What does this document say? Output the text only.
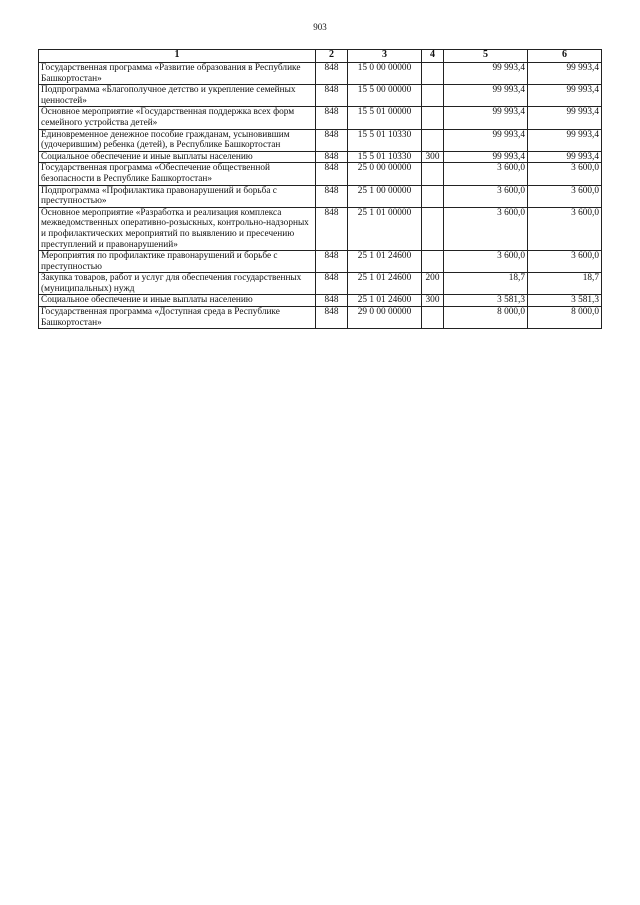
903
1	2	3	4	5	6
Государственная программа «Развитие образования в Республике Башкортостан»	848	15 0 00 00000		99 993,4	99 993,4
Подпрограмма «Благополучное детство и укрепление семейных ценностей»	848	15 5 00 00000		99 993,4	99 993,4
Основное мероприятие «Государственная поддержка всех форм семейного устройства детей»	848	15 5 01 00000		99 993,4	99 993,4
Единовременное денежное пособие гражданам, усыновившим (удочерившим) ребенка (детей), в Республике Башкортостан	848	15 5 01 10330		99 993,4	99 993,4
Социальное обеспечение и иные выплаты населению	848	15 5 01 10330	300	99 993,4	99 993,4
Государственная программа «Обеспечение общественной безопасности в Республике Башкортостан»	848	25 0 00 00000		3 600,0	3 600,0
Подпрограмма «Профилактика правонарушений и борьба с преступностью»	848	25 1 00 00000		3 600,0	3 600,0
Основное мероприятие «Разработка и реализация комплекса межведомственных оперативно-розыскных, контрольно-надзорных и профилактических мероприятий по выявлению и пресечению преступлений и правонарушений»	848	25 1 01 00000		3 600,0	3 600,0
Мероприятия по профилактике правонарушений и борьбе с преступностью	848	25 1 01 24600		3 600,0	3 600,0
Закупка товаров, работ и услуг для обеспечения государственных (муниципальных) нужд	848	25 1 01 24600	200	18,7	18,7
Социальное обеспечение и иные выплаты населению	848	25 1 01 24600	300	3 581,3	3 581,3
Государственная программа «Доступная среда в Республике Башкортостан»	848	29 0 00 00000		8 000,0	8 000,0
